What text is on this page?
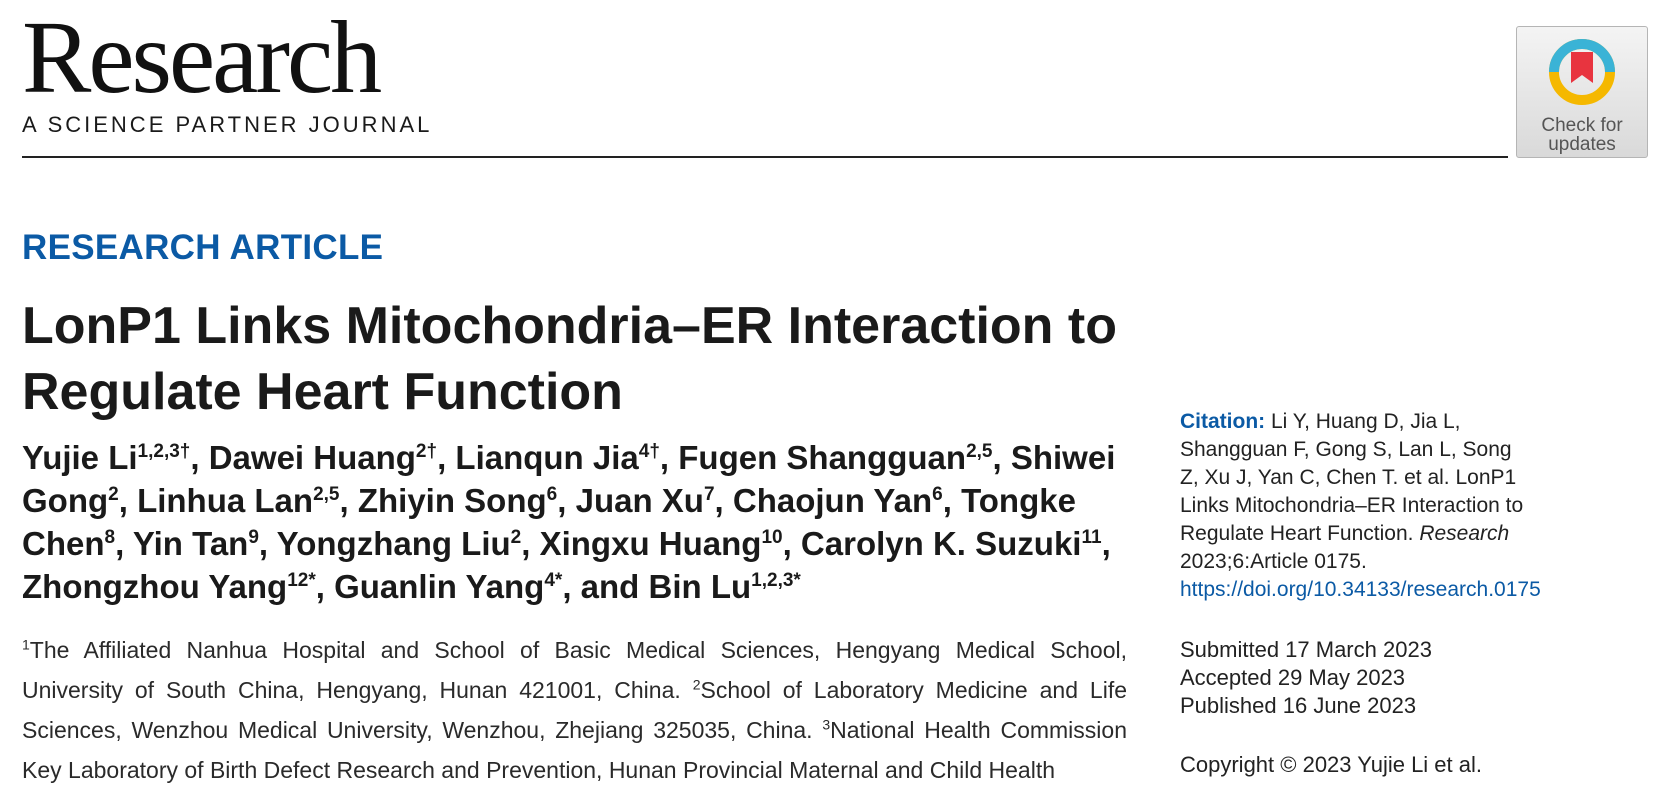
Research
A SCIENCE PARTNER JOURNAL	Check for updates
RESEARCH ARTICLE
LonP1 Links Mitochondria–ER Interaction to Regulate Heart Function
Yujie $Li^{1,2,3\dagger}$, Dawei Huang$^{2\dagger}$, Lianqun Jia$^{4\dagger}$, Fugen Shangguan$^{2,5}$, Shiwei Gong$^2$, Linhua Lan$^{2,5}$, Zhiyin Song$^6$, Juan Xu$^7$, Chaojun Yan$^6$, Tongke Chen$^8$, Yin Tan$^9$, Yongzhang Liu$^2$, Xingxu Huang$^{10}$, Carolyn K. Suzuki$^{11}$, Zhongzhou Yang$^{12*}$, Guanlin Yang$^{4*}$, and Bin $Lu^{1,2,3*}$
$^1$The Affiliated Nanhua Hospital and School of Basic Medical Sciences, Hengyang Medical School, University of South China, Hengyang, Hunan 421001, China. $^2$School of Laboratory Medicine and Life Sciences, Wenzhou Medical University, Wenzhou, Zhejiang 325035, China. $^3$National Health Commission Key Laboratory of Birth Defect Research and Prevention, Hunan Provincial Maternal and Child Health
Citation: Li Y, Huang D, Jia L, Shangguan F, Gong S, Lan L, Song Z, Xu J, Yan C, Chen T. et al. LonP1 Links Mitochondria–ER Interaction to Regulate Heart Function. Research 2023;6:Article 0175. https://doi.org/10.34133/research.0175
Submitted 17 March 2023
Accepted 29 May 2023
Published 16 June 2023
Copyright © 2023 Yujie Li et al.
